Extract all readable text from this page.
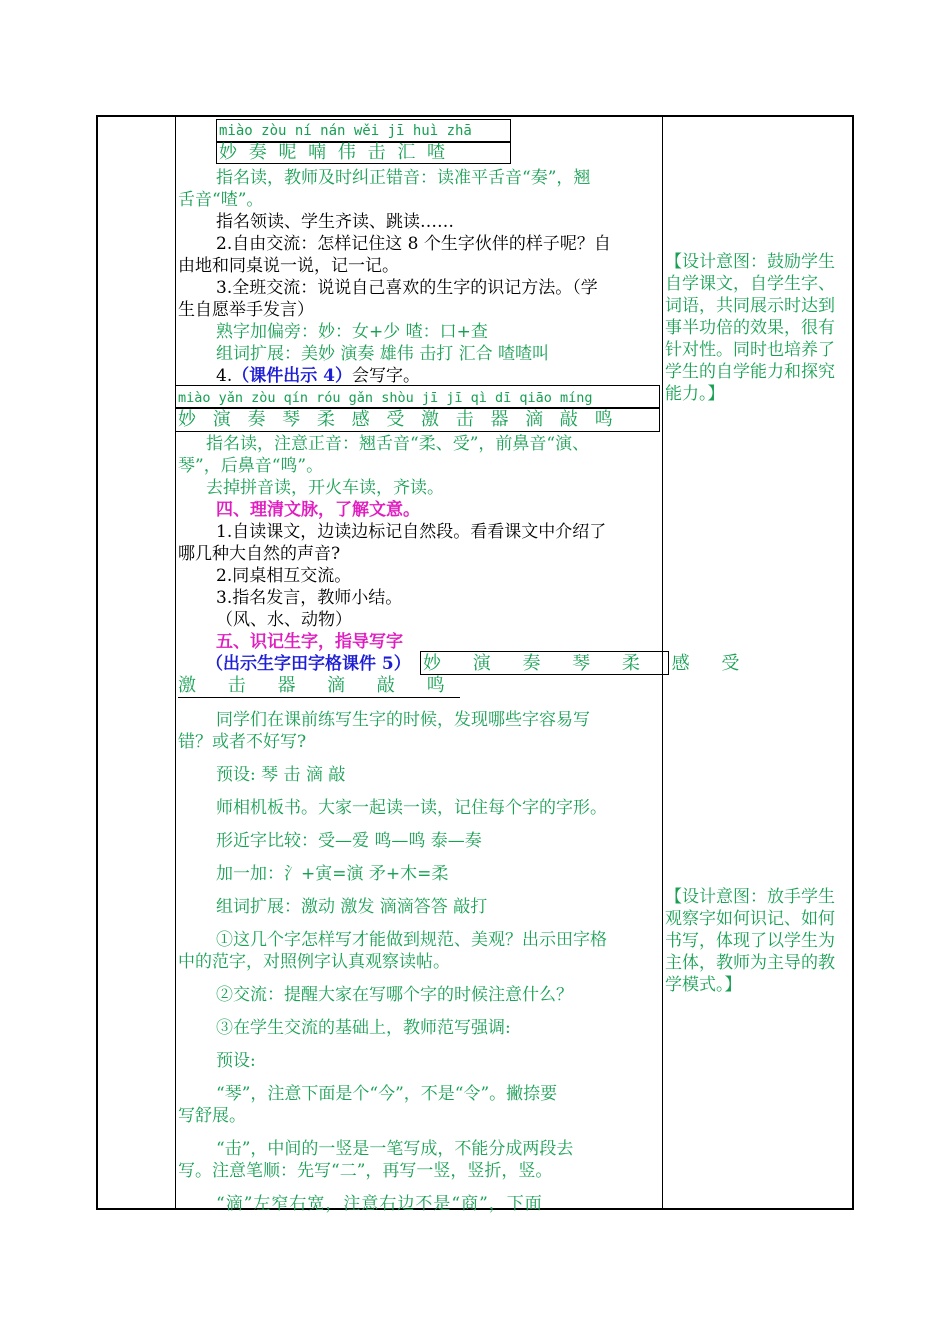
miào zòu ní nán wěi jī huì zhā
妙 奏 呢 喃 伟 击 汇 喳
指名读，教师及时纠正错音：读准平舌音“奏”，翘
舌音“喳”。
指名领读、学生齐读、跳读……
2.自由交流：怎样记住这 8 个生字伙伴的样子呢？自
由地和同桌说一说，记一记。
3.全班交流：说说自己喜欢的生字的识记方法。（学
生自愿举手发言）
熟字加偏旁：妙：女+少 喳：口+查
组词扩展：美妙 演奏 雄伟 击打 汇合 喳喳叫
4.（课件出示 4）会写字。
miào yǎn zòu qín róu gǎn shòu jī jī qì dī qiāo míng
妙 演 奏 琴 柔 感 受 激 击 器 滴 敲 鸣
指名读，注意正音：翘舌音“柔、受”，前鼻音“演、
琴”，后鼻音“鸣”。
去掉拼音读，开火车读，齐读。
四、理清文脉，了解文意。
1.自读课文，边读边标记自然段。看看课文中介绍了
哪几种大自然的声音?
2.同桌相互交流。
3.指名发言，教师小结。
（风、水、动物）
五、识记生字，指导写字
（出示生字田字格课件 5） 妙 演 奏 琴 柔 感 受
激 击 器 滴 敲 鸣
同学们在课前练写生字的时候，发现哪些字容易写
错？或者不好写?
预设: 琴 击 滴 敲
师相机板书。大家一起读一读，记住每个字的字形。
形近字比较：受—爱 鸣—鸣 泰—奏
加一加：氵+寅=演 矛+木=柔
组词扩展：激动 激发 滴滴答答 敲打
①这几个字怎样写才能做到规范、美观？出示田字格
中的范字，对照例字认真观察读帖。
②交流：提醒大家在写哪个字的时候注意什么？
③在学生交流的基础上，教师范写强调:
预设:
“琴”，注意下面是个“今”，不是“令”。撇捺要
写舒展。
“击”，中间的一竖是一笔写成，不能分成两段去
写。注意笔顺：先写“二”，再写一竖，竖折，竖。
“滴”左窄右宽，注意右边不是“商”，下面

【设计意图：鼓励学生

自学课文，自学生字、

词语，共同展示时达到

事半功倍的效果，很有

针对性。同时也培养了

学生的自学能力和探究

能力。】

【设计意图：放手学生

观察字如何识记、如何

书写，体现了以学生为

主体，教师为主导的教

学模式。】
